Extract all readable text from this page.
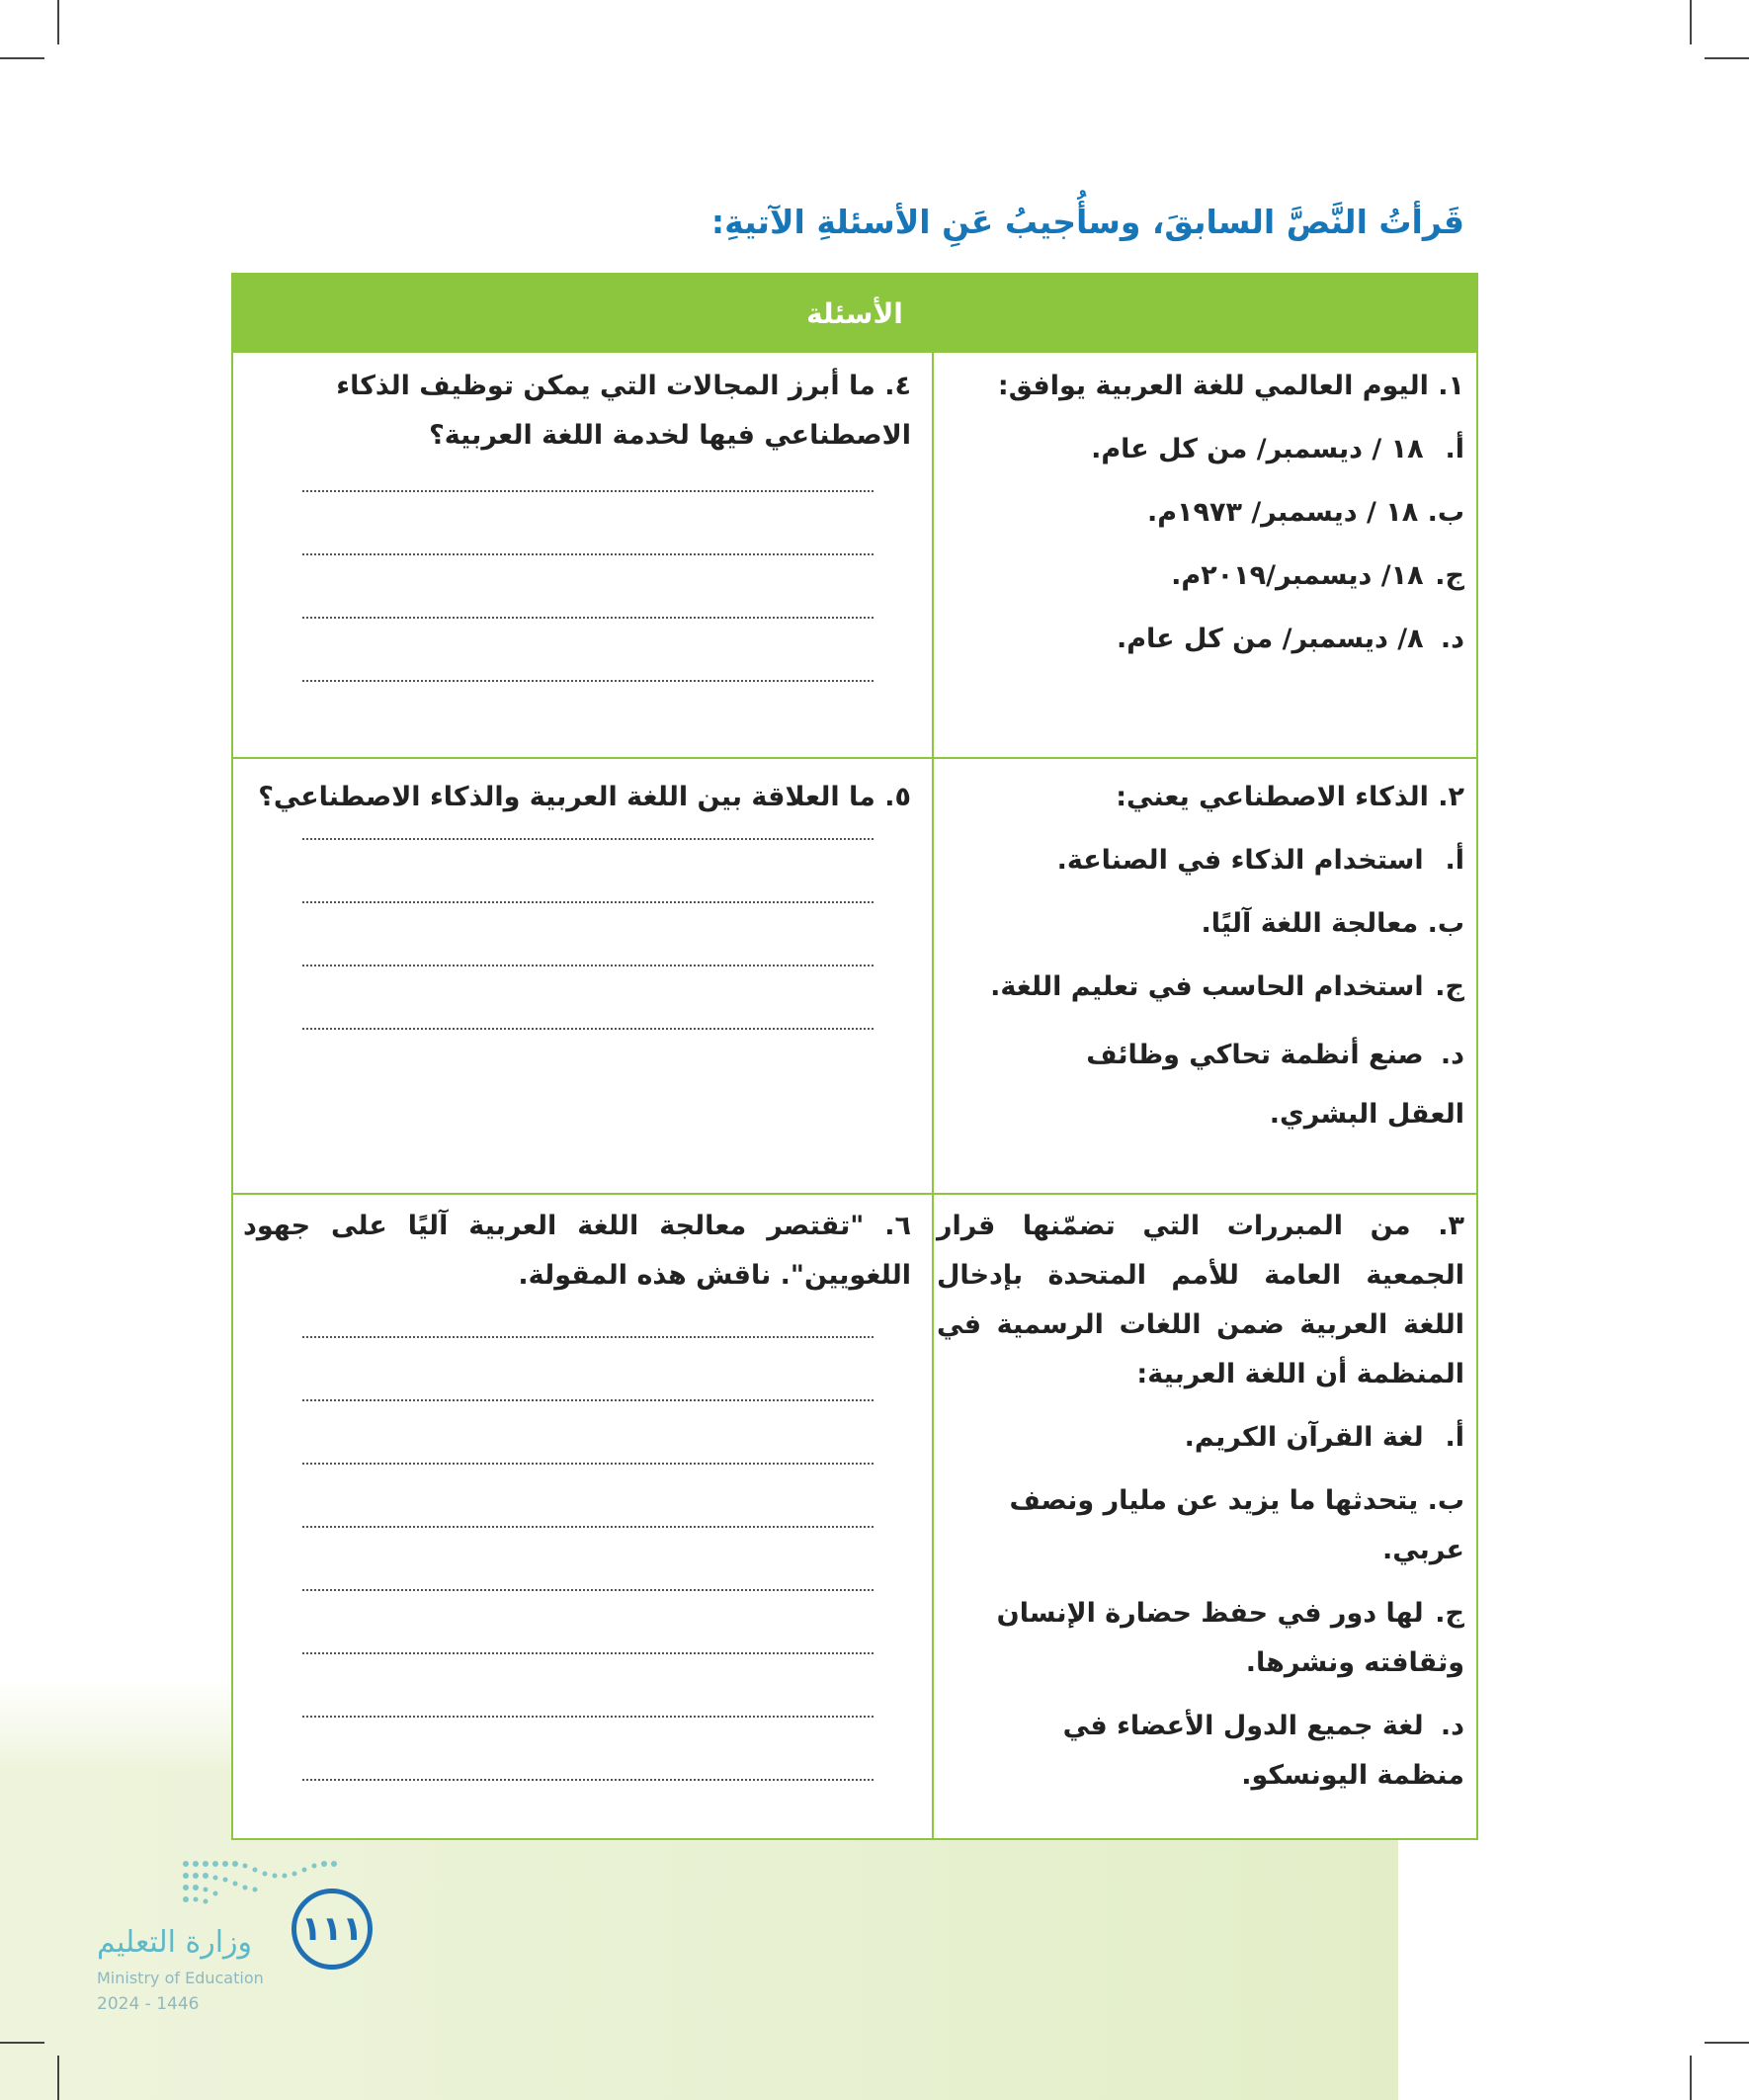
قَرأتُ النَّصَّ السابقَ، وسأُجيبُ عَنِ الأسئلةِ الآتيةِ:
الأسئلة

١. اليوم العالمي للغة العربية يوافق:

أ. ١٨ / ديسمبر/ من كل عام.
ب. ١٨ / ديسمبر/ ١٩٧٣م.
ج. ١٨/ ديسمبر/٢٠١٩م.
د. ٨/ ديسمبر/ من كل عام.

٤. ما أبرز المجالات التي يمكن توظيف الذكاء الاصطناعي فيها لخدمة اللغة العربية؟

٢. الذكاء الاصطناعي يعني:

أ. استخدام الذكاء في الصناعة.
ب. معالجة اللغة آليًا.
ج. استخدام الحاسب في تعليم اللغة.
د. صنع أنظمة تحاكي وظائف العقل البشري.

٥. ما العلاقة بين اللغة العربية والذكاء الاصطناعي؟

٣. من المبررات التي تضمّنها قرار الجمعية العامة للأمم المتحدة بإدخال اللغة العربية ضمن اللغات الرسمية في المنظمة أن اللغة العربية:

أ. لغة القرآن الكريم.
ب. يتحدثها ما يزيد عن مليار ونصف عربي.
ج. لها دور في حفظ حضارة الإنسان وثقافته ونشرها.
د. لغة جميع الدول الأعضاء في منظمة اليونسكو.

٦. "تقتصر معالجة اللغة العربية آليًا على جهود اللغويين". ناقش هذه المقولة.

١١١
وزارة التعليم
Ministry of Education
2024 - 1446
